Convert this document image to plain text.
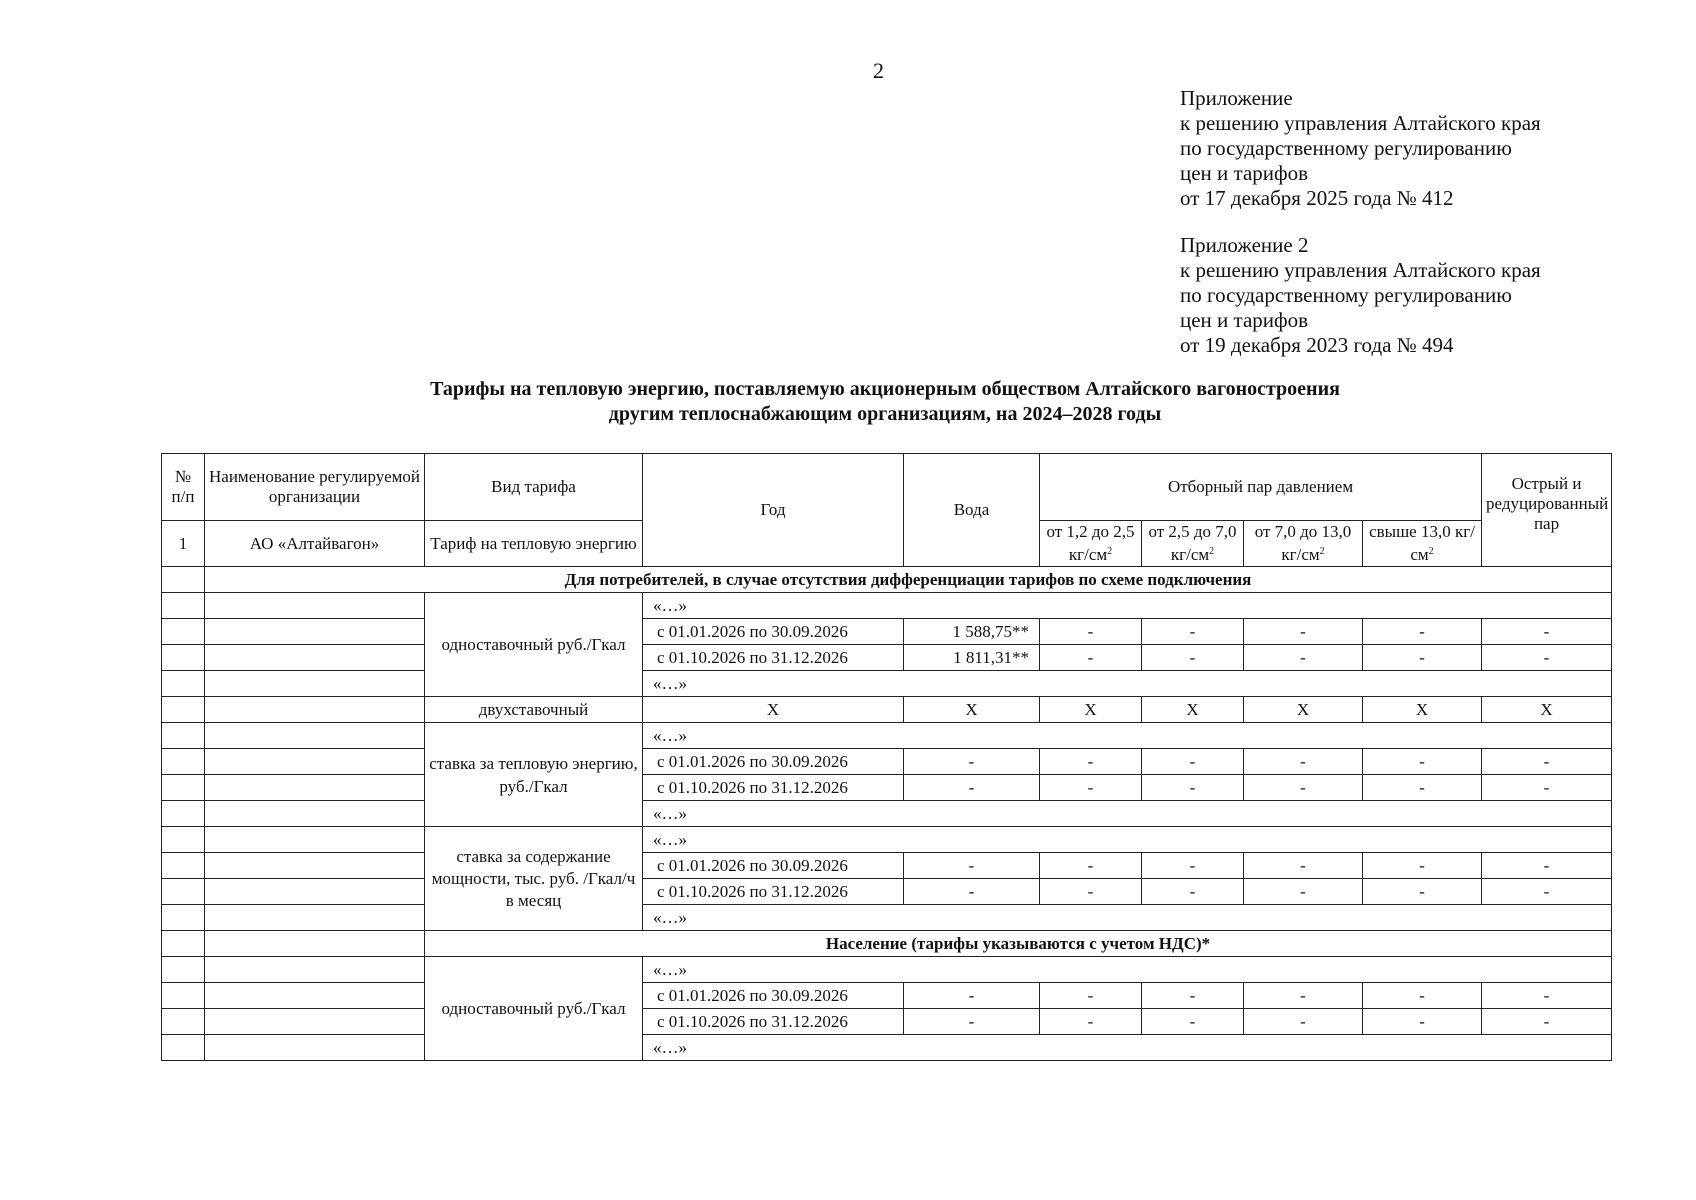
2
Приложение
к решению управления Алтайского края
по государственному регулированию
цен и тарифов
от 17 декабря 2025 года № 412
Приложение 2
к решению управления Алтайского края
по государственному регулированию
цен и тарифов
от 19 декабря 2023 года № 494
Тарифы на тепловую энергию, поставляемую акционерным обществом Алтайского вагоностроения
другим теплоснабжающим организациям, на 2024–2028 годы
№ п/п	Наименование регулируемой организации	Вид тарифа	Год	Вода	Отборный пар давлением				Острый и редуцированный пар
1	АО «Алтайвагон»	Тариф на тепловую энергию			от 1,2 до 2,5 $кг/см^2$	от 2,5 до 7,0 $кг/см^2$	от 7,0 до 13,0 $кг/см^2$	свыше 13,0 $кг/см^2$
	Для потребителей, в случае отсутствия дифференциации тарифов по схеме подключения								
		одноставочный руб./Гкал	«…»						
			с 01.01.2026 по 30.09.2026	1 588,75**	-	-	-	-	-
			с 01.10.2026 по 31.12.2026	1 811,31**	-	-	-	-	-
			«…»						
		двухставочный	Х	Х	Х	Х	Х	Х	Х
		ставка за тепловую энергию, руб./Гкал	«…»						
			с 01.01.2026 по 30.09.2026	-	-	-	-	-	-
			с 01.10.2026 по 31.12.2026	-	-	-	-	-	-
			«…»						
		ставка за содержание мощности, тыс. руб. /Гкал/ч в месяц	«…»						
			с 01.01.2026 по 30.09.2026	-	-	-	-	-	-
			с 01.10.2026 по 31.12.2026	-	-	-	-	-	-
			«…»						
		Население (тарифы указываются с учетом НДС)*							
		одноставочный руб./Гкал	«…»						
			с 01.01.2026 по 30.09.2026	-	-	-	-	-	-
			с 01.10.2026 по 31.12.2026	-	-	-	-	-	-
			«…»						
